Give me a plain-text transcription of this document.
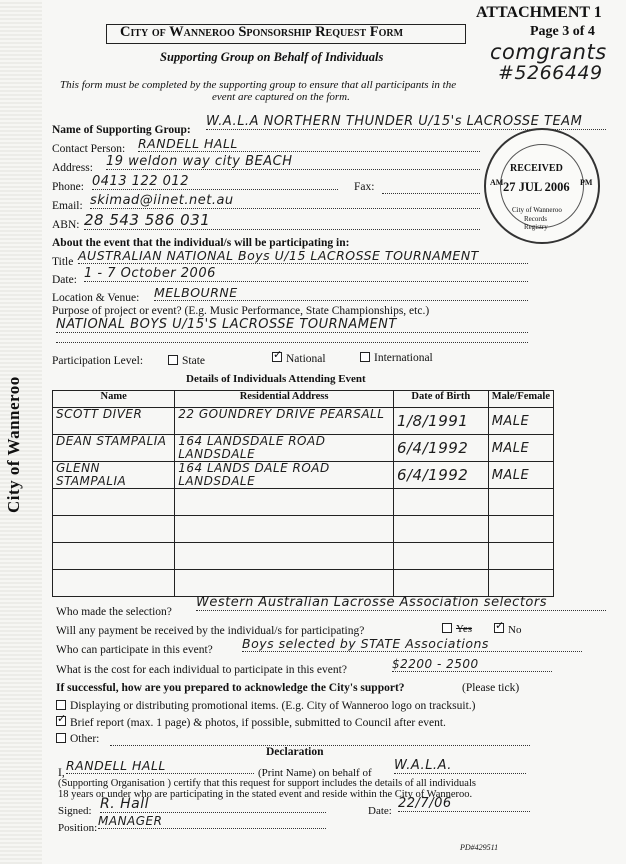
City of Wanneroo
ATTACHMENT 1
Page 3 of 4
comgrants
#5266449
City of Wanneroo Sponsorship Request Form
Supporting Group on Behalf of Individuals
This form must be completed by the supporting group to ensure that all participants in the
event are captured on the form.
Name of Supporting Group:
W.A.L.A NORTHERN THUNDER U/15's LACROSSE TEAM
Contact Person: RANDELL HALL
Address: 19 weldon way city BEACH
Phone: 0413 122 012	Fax:
Email: skimad@iinet.net.au
ABN: 28 543 586 031
RECEIVED
27 JUL 2006
City of Wanneroo
Records
Registry
AM	PM
About the event that the individual/s will be participating in:
Title AUSTRALIAN NATIONAL Boys U/15 LACROSSE TOURNAMENT
Date: 1 - 7 October 2006
Location & Venue: MELBOURNE
Purpose of project or event? (E.g. Music Performance, State Championships, etc.)
NATIONAL BOYS U/15'S LACROSSE TOURNAMENT
Participation Level:	State ✓	National	International
Details of Individuals Attending Event
Name	Residential Address	Date of Birth	Male/Female
SCOTT DIVER	22 GOUNDREY DRIVE PEARSALL	1/8/1991	MALE
DEAN STAMPALIA	164 LANDSDALE ROAD LANDSDALE	6/4/1992	MALE
GLENN STAMPALIA	164 LANDS DALE ROAD LANDSDALE	6/4/1992	MALE

Who made the selection?
Western Australian Lacrosse Association selectors
Will any payment be received by the individual/s for participating?	Yes ✓	No
Who can participate in this event? Boys selected by STATE Associations
What is the cost for each individual to participate in this event?	$2200 - 2500
If successful, how are you prepared to acknowledge the City's support?	(Please tick)
Displaying or distributing promotional items. (E.g. City of Wanneroo logo on tracksuit.)
✓Brief report (max. 1 page) & photos, if possible, submitted to Council after event.
Other:
Declaration
I, RANDELL HALL	(Print Name) on behalf of W.A.L.A.
(Supporting Organisation ) certify that this request for support includes the details of all individuals
18 years or under who are participating in the stated event and reside within the City of Wanneroo.
Signed: R. Hall	Date: 22/7/06
Position: MANAGER
PD#429511
